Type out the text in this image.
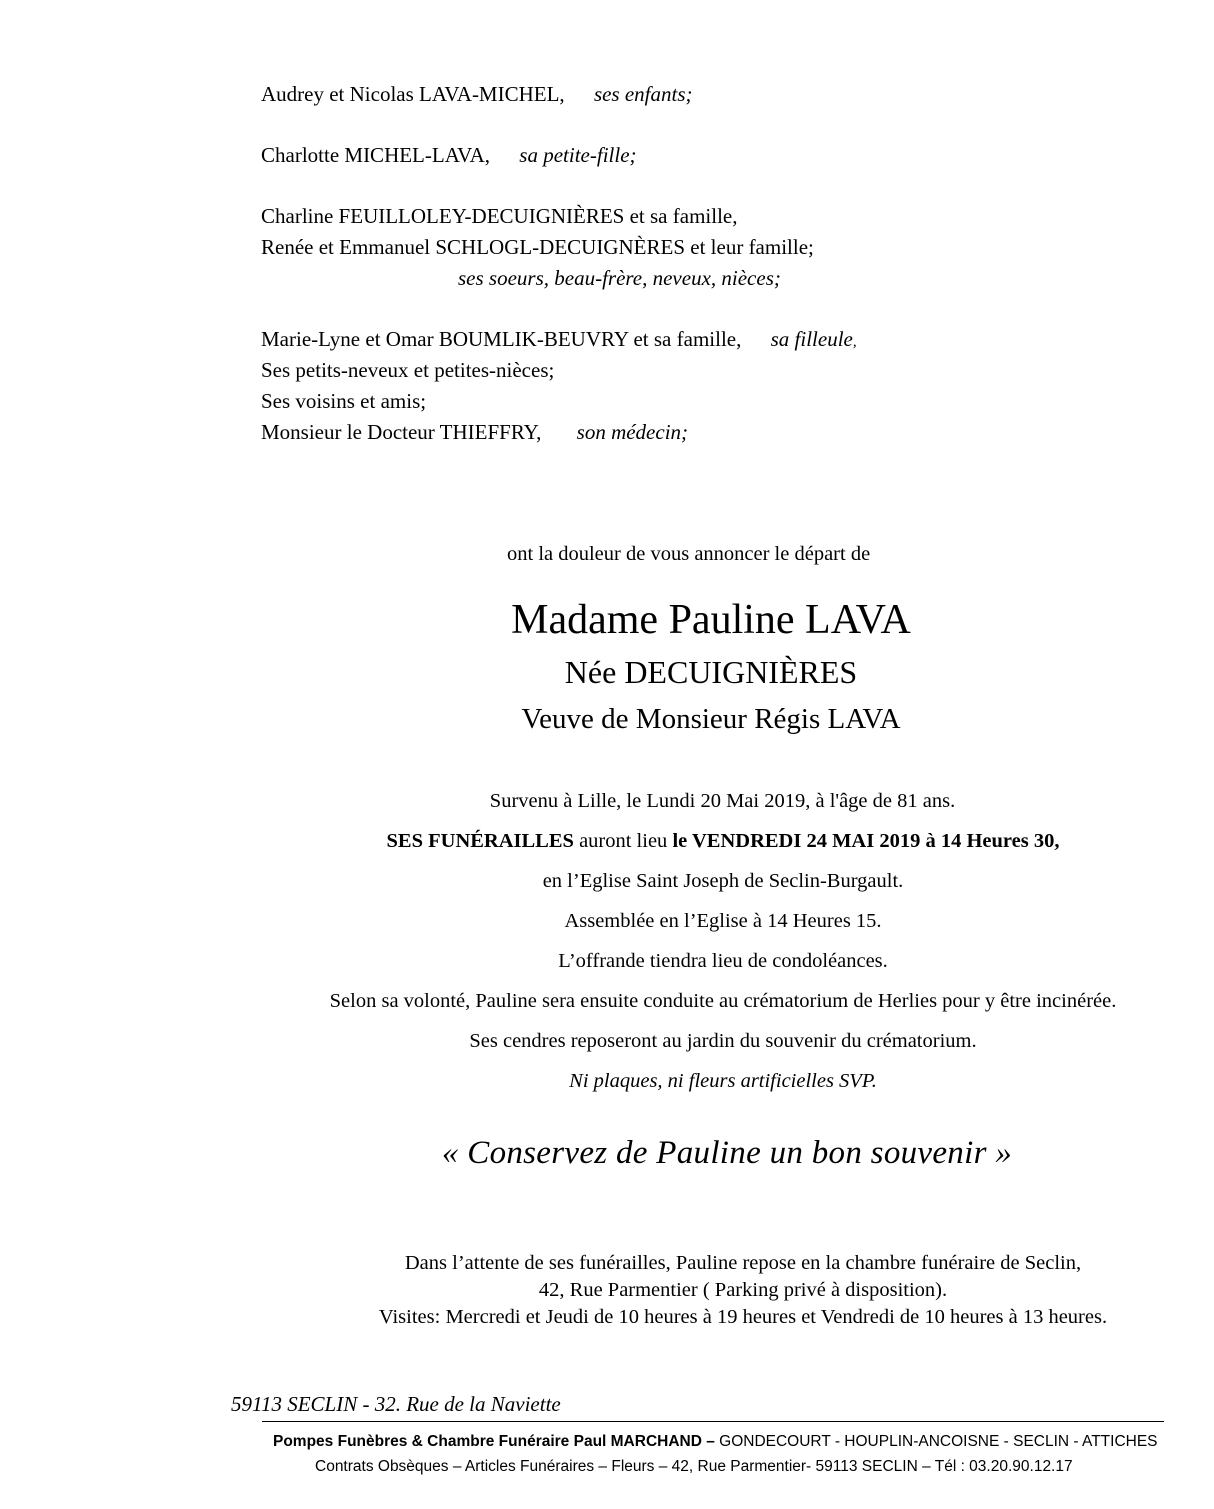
Audrey et Nicolas LAVA-MICHEL, ses enfants;
Charlotte MICHEL-LAVA, sa petite-fille;
Charline FEUILLOLEY-DECUIGNIÈRES et sa famille,
Renée et Emmanuel SCHLOGL-DECUIGNÈRES et leur famille;
ses soeurs, beau-frère, neveux, nièces;
Marie-Lyne et Omar BOUMLIK-BEUVRY et sa famille, sa filleule,
Ses petits-neveux et petites-nièces;
Ses voisins et amis;
Monsieur le Docteur THIEFFRY, son médecin;
ont la douleur de vous annoncer le départ de
Madame Pauline LAVA
Née DECUIGNIÈRES
Veuve de Monsieur Régis LAVA
Survenu à Lille, le Lundi 20 Mai 2019, à l'âge de 81 ans.
SES FUNÉRAILLES auront lieu le VENDREDI 24 MAI 2019 à 14 Heures 30,
en l’Eglise Saint Joseph de Seclin-Burgault.
Assemblée en l’Eglise à 14 Heures 15.
L’offrande tiendra lieu de condoléances.
Selon sa volonté, Pauline sera ensuite conduite au crématorium de Herlies pour y être incinérée.
Ses cendres reposeront au jardin du souvenir du crématorium.
Ni plaques, ni fleurs artificielles SVP.
« Conservez de Pauline un bon souvenir »
Dans l’attente de ses funérailles, Pauline repose en la chambre funéraire de Seclin,
42, Rue Parmentier ( Parking privé à disposition).
Visites: Mercredi et Jeudi de 10 heures à 19 heures et Vendredi de 10 heures à 13 heures.
59113 SECLIN - 32. Rue de la Naviette
Pompes Funèbres & Chambre Funéraire Paul MARCHAND – GONDECOURT - HOUPLIN-ANCOISNE - SECLIN - ATTICHES
Contrats Obsèques – Articles Funéraires – Fleurs – 42, Rue Parmentier- 59113 SECLIN – Tél : 03.20.90.12.17
